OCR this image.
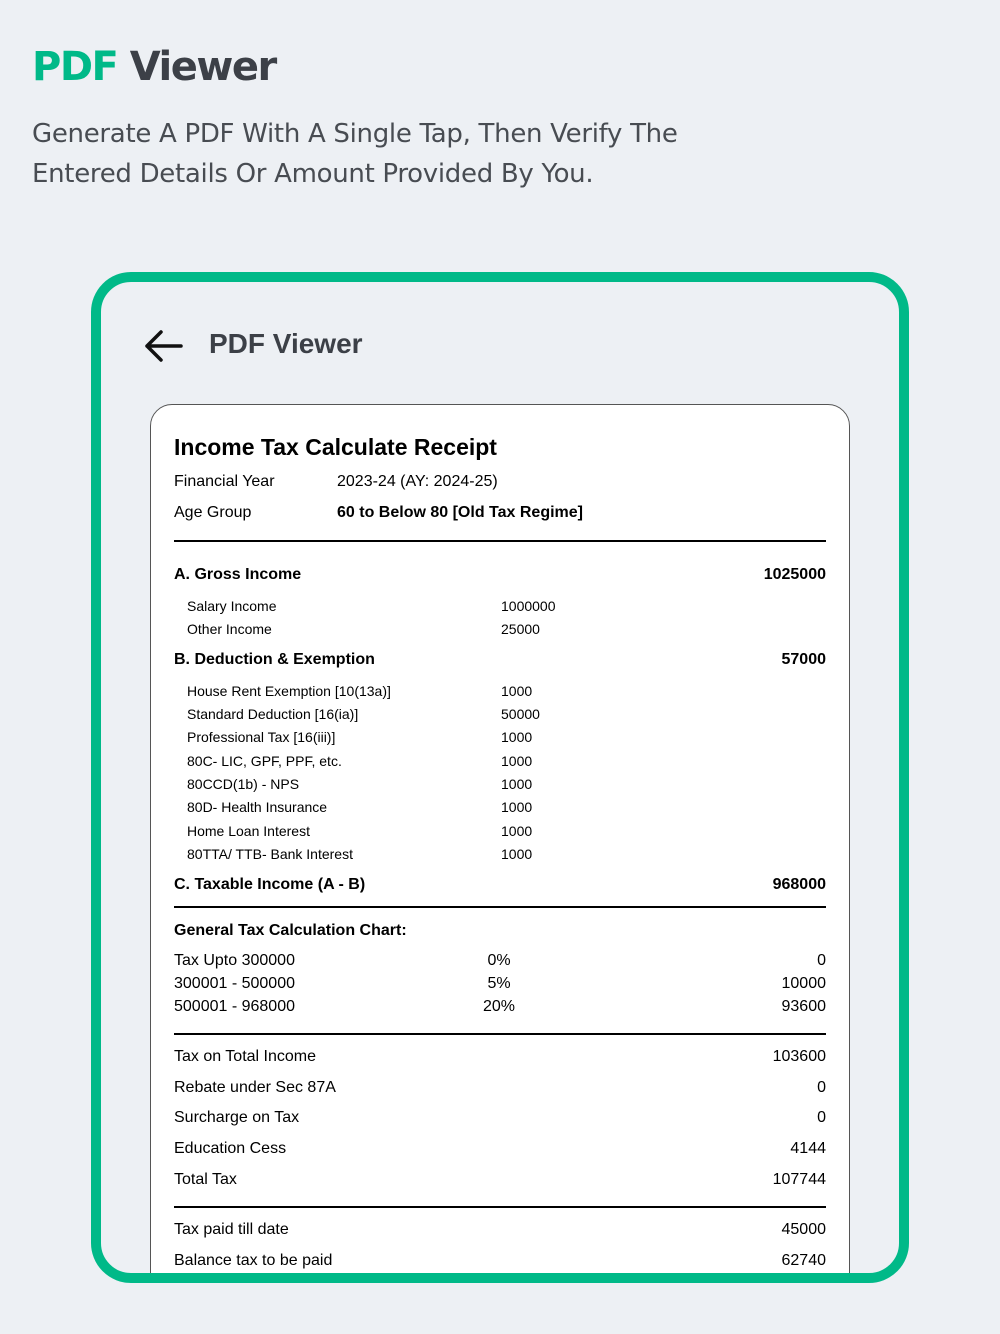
PDF Viewer
Generate A PDF With A Single Tap, Then Verify The Entered Details Or Amount Provided By You.
PDF Viewer
Income Tax Calculate Receipt
Financial Year	2023-24 (AY: 2024-25)
Age Group	60 to Below 80 [Old Tax Regime]
A. Gross Income	1025000
Salary Income	1000000
Other Income	25000
B. Deduction & Exemption	57000
House Rent Exemption [10(13a)]	1000
Standard Deduction [16(ia)]	50000
Professional Tax [16(iii)]	1000
80C- LIC, GPF, PPF, etc.	1000
80CCD(1b) - NPS	1000
80D- Health Insurance	1000
Home Loan Interest	1000
80TTA/ TTB- Bank Interest	1000
C. Taxable Income (A - B)	968000
General Tax Calculation Chart:
Tax Upto 300000	0%	0
300001 - 500000	5%	10000
500001 - 968000	20%	93600
Tax on Total Income	103600
Rebate under Sec 87A	0
Surcharge on Tax	0
Education Cess	4144
Total Tax	107744
Tax paid till date	45000
Balance tax to be paid	62740
